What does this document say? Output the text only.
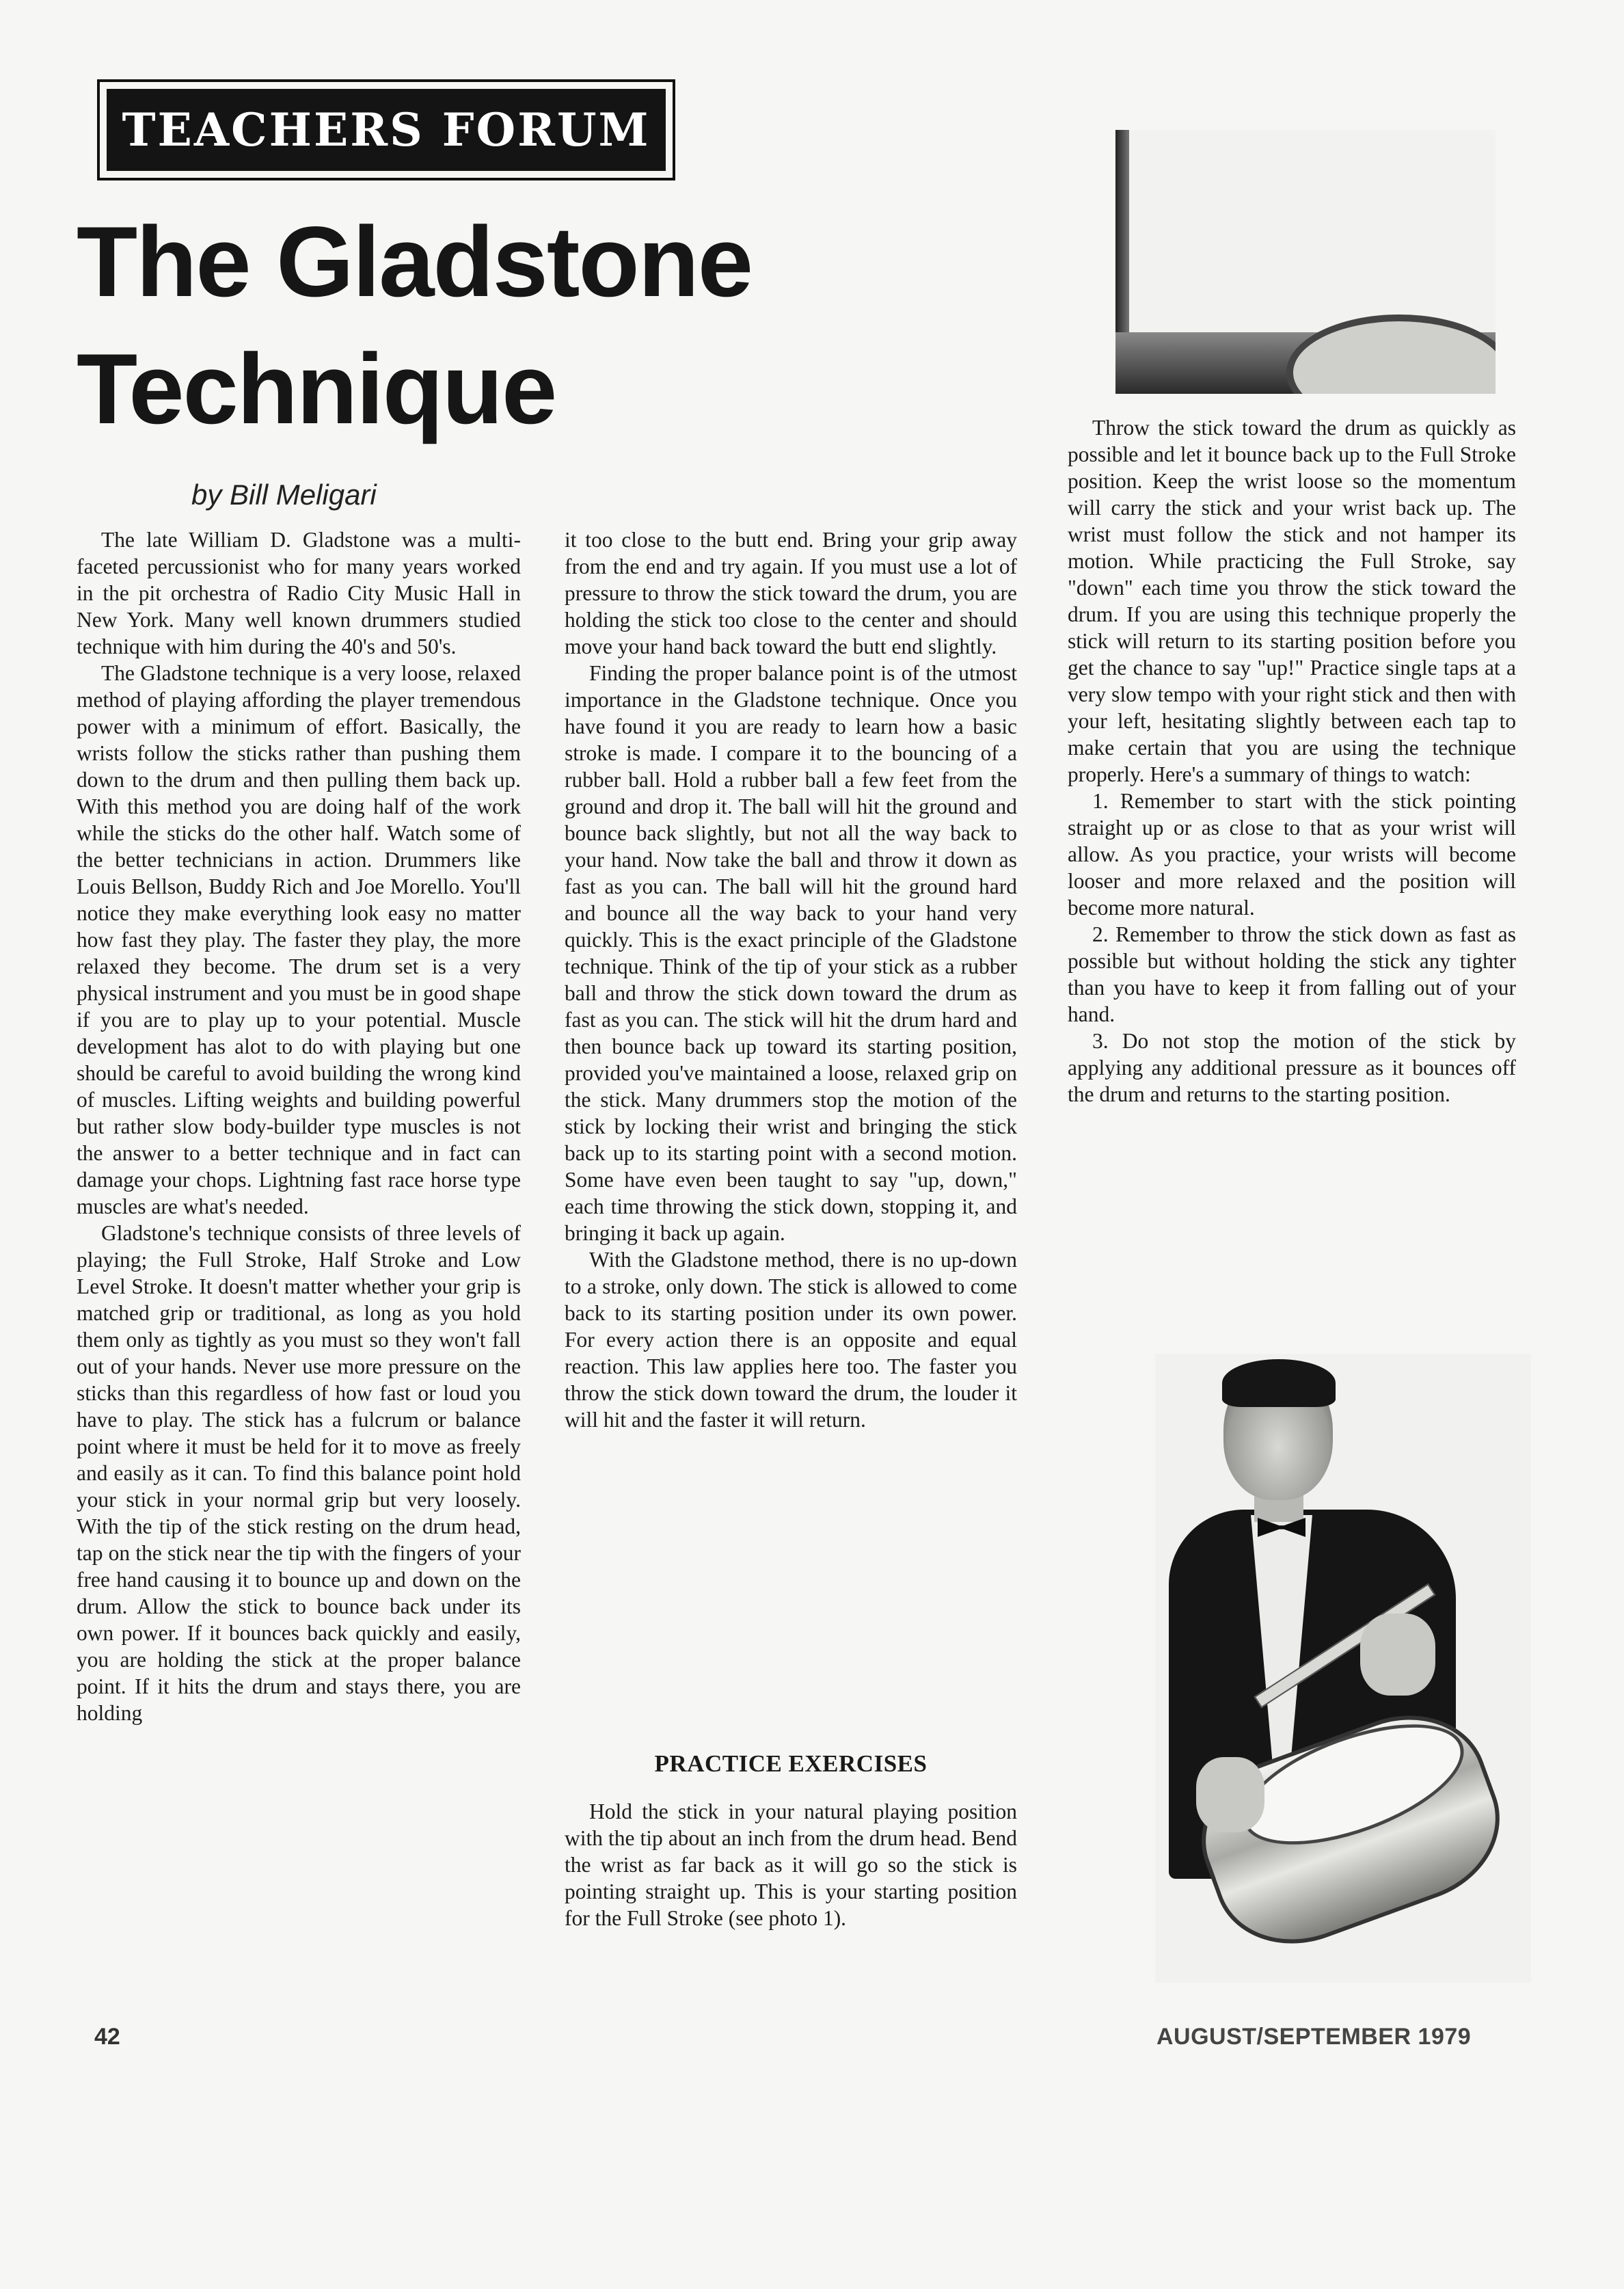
TEACHERS FORUM
The Gladstone
Technique
by Bill Meligari

The late William D. Gladstone was a multi-faceted percussionist who for many years worked in the pit orchestra of Radio City Music Hall in New York. Many well known drummers studied technique with him during the 40's and 50's.

The Gladstone technique is a very loose, relaxed method of playing affording the player tremendous power with a minimum of effort. Basically, the wrists follow the sticks rather than pushing them down to the drum and then pulling them back up. With this method you are doing half of the work while the sticks do the other half. Watch some of the better technicians in action. Drummers like Louis Bellson, Buddy Rich and Joe Morello. You'll notice they make everything look easy no matter how fast they play. The faster they play, the more relaxed they become. The drum set is a very physical instrument and you must be in good shape if you are to play up to your potential. Muscle development has alot to do with playing but one should be careful to avoid building the wrong kind of muscles. Lifting weights and building powerful but rather slow body-builder type muscles is not the answer to a better technique and in fact can damage your chops. Lightning fast race horse type muscles are what's needed.

Gladstone's technique consists of three levels of playing; the Full Stroke, Half Stroke and Low Level Stroke. It doesn't matter whether your grip is matched grip or traditional, as long as you hold them only as tightly as you must so they won't fall out of your hands. Never use more pressure on the sticks than this regardless of how fast or loud you have to play. The stick has a fulcrum or balance point where it must be held for it to move as freely and easily as it can. To find this balance point hold your stick in your normal grip but very loosely. With the tip of the stick resting on the drum head, tap on the stick near the tip with the fingers of your free hand causing it to bounce up and down on the drum. Allow the stick to bounce back under its own power. If it bounces back quickly and easily, you are holding the stick at the proper balance point. If it hits the drum and stays there, you are holding

it too close to the butt end. Bring your grip away from the end and try again. If you must use a lot of pressure to throw the stick toward the drum, you are holding the stick too close to the center and should move your hand back toward the butt end slightly.

Finding the proper balance point is of the utmost importance in the Gladstone technique. Once you have found it you are ready to learn how a basic stroke is made. I compare it to the bouncing of a rubber ball. Hold a rubber ball a few feet from the ground and drop it. The ball will hit the ground and bounce back slightly, but not all the way back to your hand. Now take the ball and throw it down as fast as you can. The ball will hit the ground hard and bounce all the way back to your hand very quickly. This is the exact principle of the Gladstone technique. Think of the tip of your stick as a rubber ball and throw the stick down toward the drum as fast as you can. The stick will hit the drum hard and then bounce back up toward its starting position, provided you've maintained a loose, relaxed grip on the stick. Many drummers stop the motion of the stick by locking their wrist and bringing the stick back up to its starting point with a second motion. Some have even been taught to say "up, down," each time throwing the stick down, stopping it, and bringing it back up again.

With the Gladstone method, there is no up-down to a stroke, only down. The stick is allowed to come back to its starting position under its own power. For every action there is an opposite and equal reaction. This law applies here too. The faster you throw the stick down toward the drum, the louder it will hit and the faster it will return.

PRACTICE EXERCISES

Hold the stick in your natural playing position with the tip about an inch from the drum head. Bend the wrist as far back as it will go so the stick is pointing straight up. This is your starting position for the Full Stroke (see photo 1).

Throw the stick toward the drum as quickly as possible and let it bounce back up to the Full Stroke position. Keep the wrist loose so the momentum will carry the stick and your wrist back up. The wrist must follow the stick and not hamper its motion. While practicing the Full Stroke, say "down" each time you throw the stick toward the drum. If you are using this technique properly the stick will return to its starting position before you get the chance to say "up!" Practice single taps at a very slow tempo with your right stick and then with your left, hesitating slightly between each tap to make certain that you are using the technique properly. Here's a summary of things to watch:

1. Remember to start with the stick pointing straight up or as close to that as your wrist will allow. As you practice, your wrists will become looser and more relaxed and the position will become more natural.

2. Remember to throw the stick down as fast as possible but without holding the stick any tighter than you have to keep it from falling out of your hand.

3. Do not stop the motion of the stick by applying any additional pressure as it bounces off the drum and returns to the starting position.

42	AUGUST/SEPTEMBER 1979
